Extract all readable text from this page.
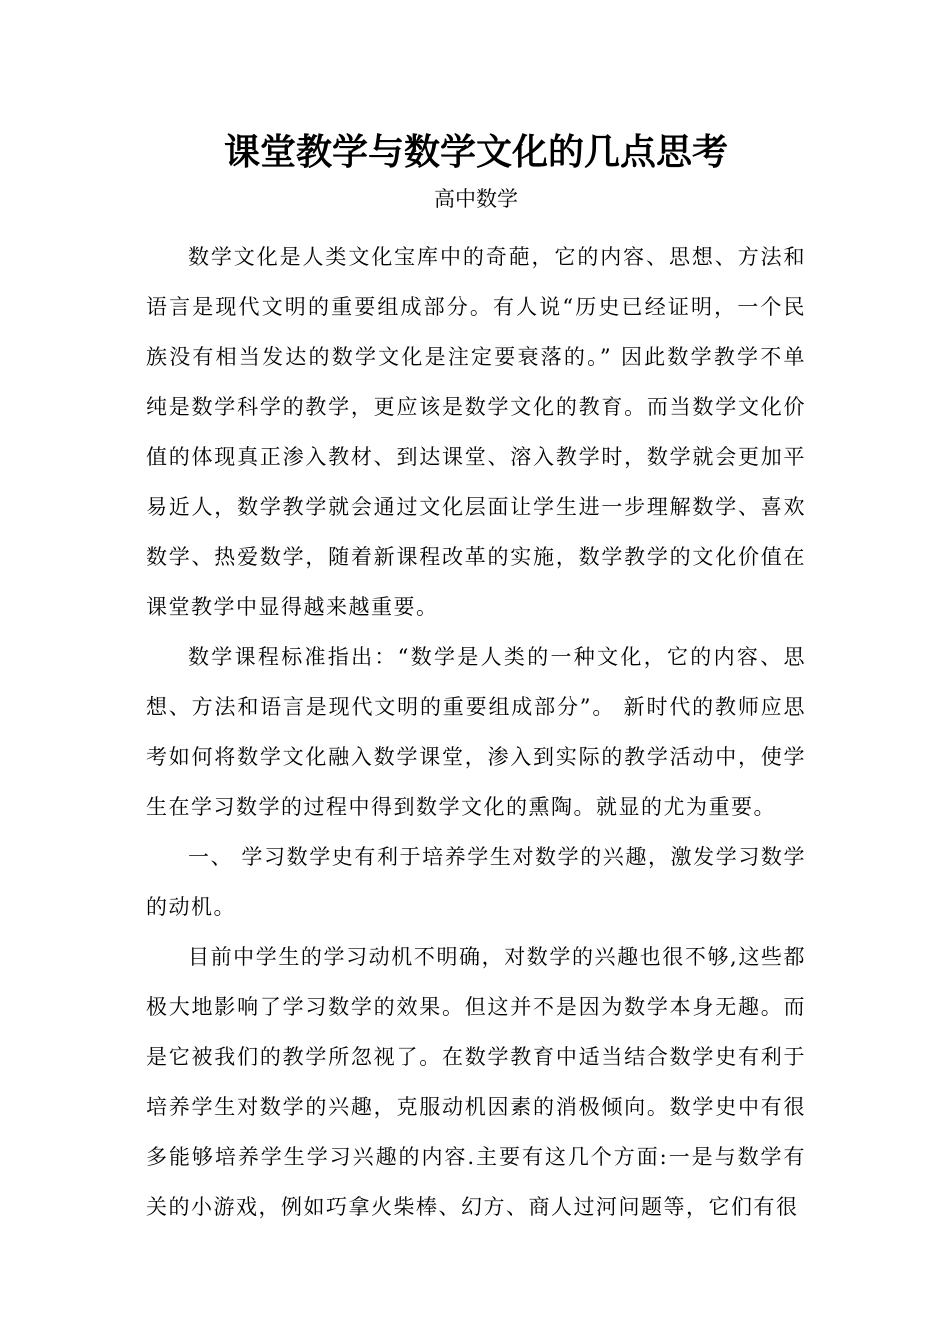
课堂教学与数学文化的几点思考
高中数学

数学文化是人类文化宝库中的奇葩，它的内容、思想、方法和语言是现代文明的重要组成部分。有人说“历史已经证明，一个民族没有相当发达的数学文化是注定要衰落的。” 因此数学教学不单纯是数学科学的教学，更应该是数学文化的教育。而当数学文化价值的体现真正渗入教材、到达课堂、溶入教学时，数学就会更加平易近人，数学教学就会通过文化层面让学生进一步理解数学、喜欢数学、热爱数学，随着新课程改革的实施，数学教学的文化价值在课堂教学中显得越来越重要。

数学课程标准指出：“数学是人类的一种文化，它的内容、思想、方法和语言是现代文明的重要组成部分”。 新时代的教师应思考如何将数学文化融入数学课堂，渗入到实际的教学活动中，使学生在学习数学的过程中得到数学文化的熏陶。就显的尤为重要。

一、 学习数学史有利于培养学生对数学的兴趣，激发学习数学的动机。

目前中学生的学习动机不明确，对数学的兴趣也很不够,这些都极大地影响了学习数学的效果。但这并不是因为数学本身无趣。而是它被我们的教学所忽视了。在数学教育中适当结合数学史有利于培养学生对数学的兴趣，克服动机因素的消极倾向。数学史中有很多能够培养学生学习兴趣的内容.主要有这几个方面:一是与数学有关的小游戏，例如巧拿火柴棒、幻方、商人过河问题等，它们有很
